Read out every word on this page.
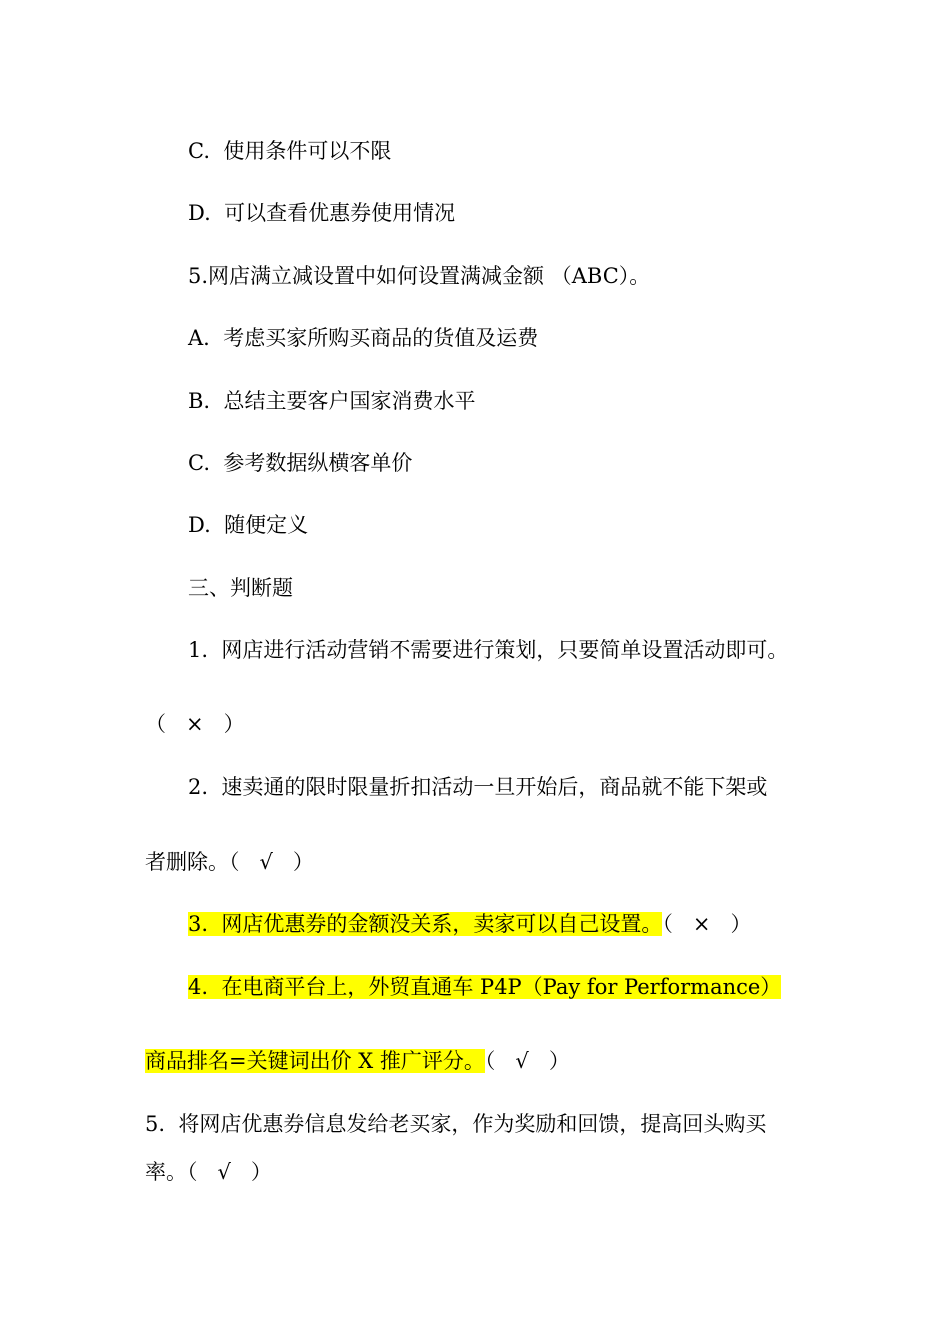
C.  使用条件可以不限
D.  可以查看优惠券使用情况
5.网店满立减设置中如何设置满减金额 （ABC）。
A.  考虑买家所购买商品的货值及运费
B.  总结主要客户国家消费水平
C.  参考数据纵横客单价
D.  随便定义
三、判断题
1.  网店进行活动营销不需要进行策划，只要简单设置活动即可。
（   ×   ）
2.  速卖通的限时限量折扣活动一旦开始后，商品就不能下架或
者删除。（   √   ）
3.  网店优惠券的金额没关系，卖家可以自己设置。（   ×   ）
4.  在电商平台上，外贸直通车 P4P（Pay for Performance）
商品排名=关键词出价 X 推广评分。（   √   ）
5.  将网店优惠券信息发给老买家，作为奖励和回馈，提高回头购买
率。（   √   ）
